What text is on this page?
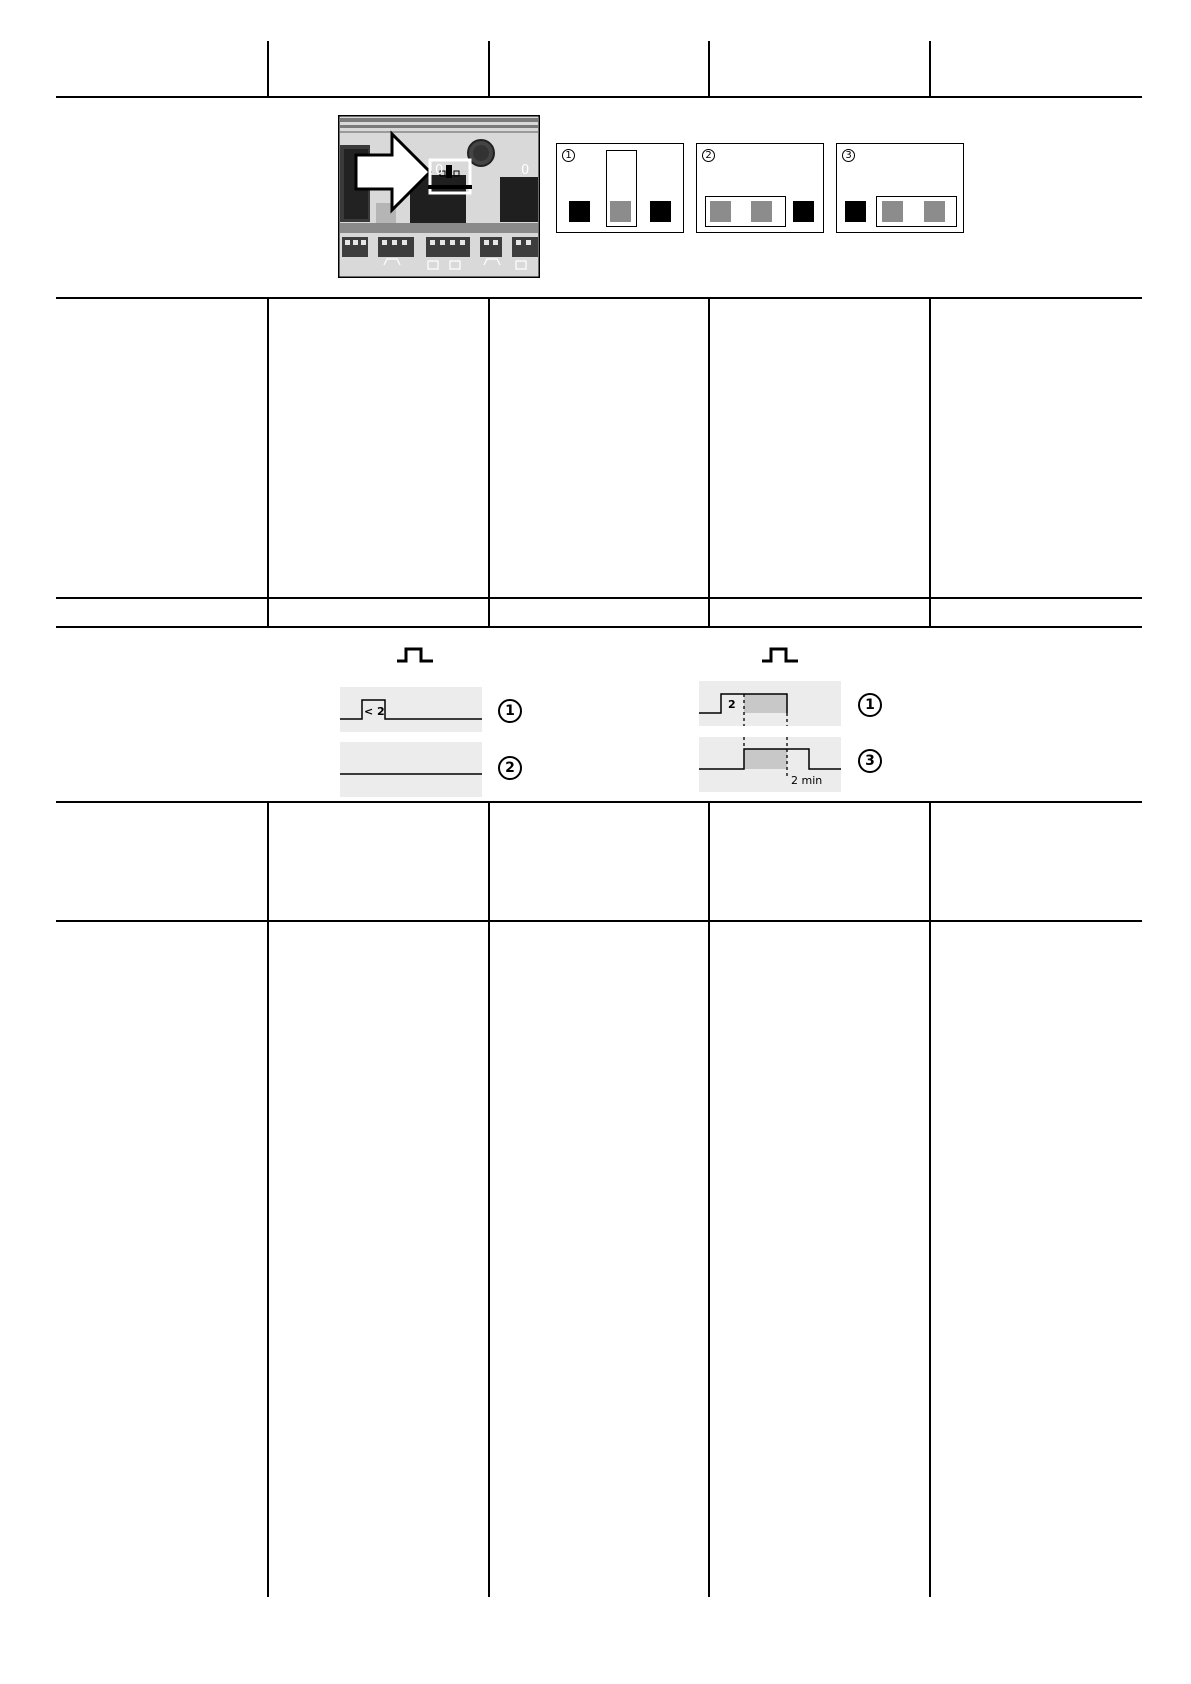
0	0
1	2	3
< 2	1
2
2	1
2 min
3
